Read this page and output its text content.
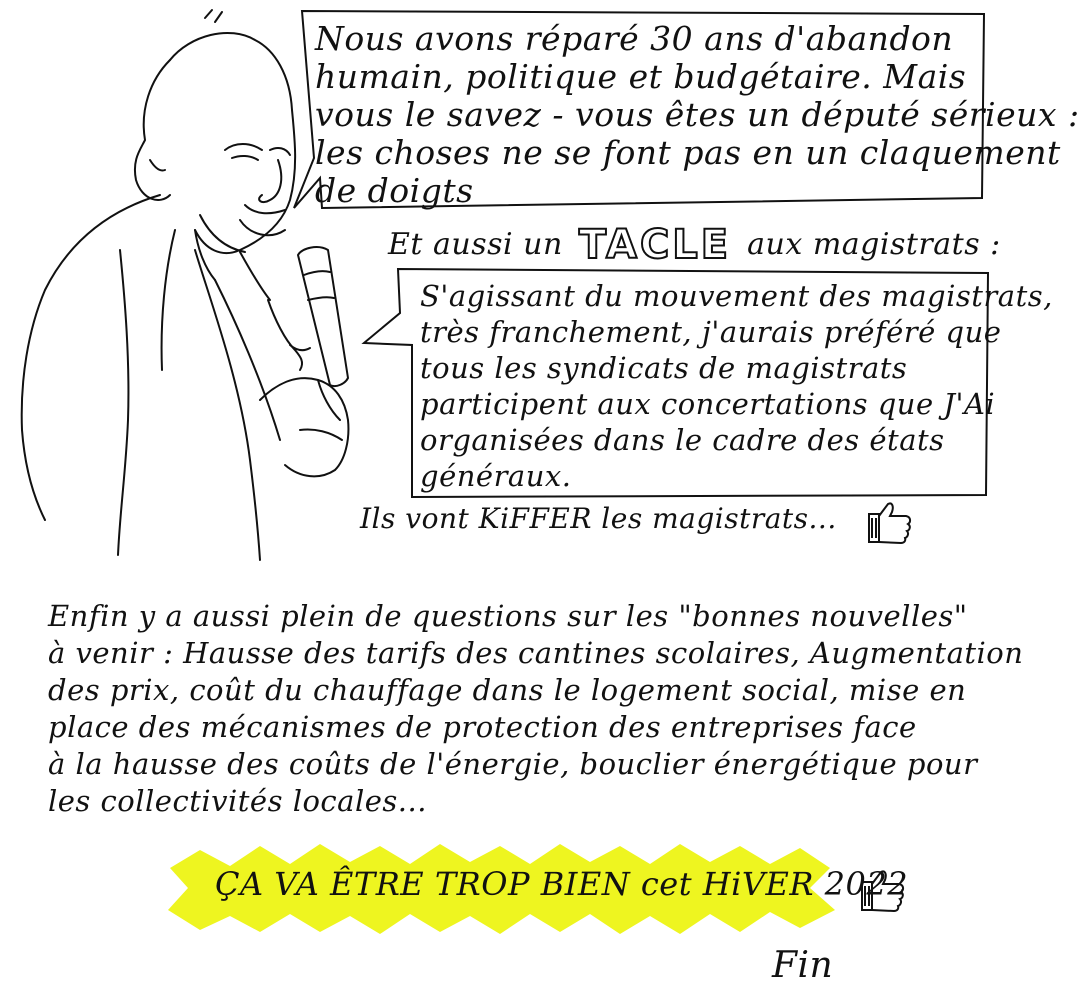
Nous avons réparé 30 ans d'abandon
humain, politique et budgétaire. Mais
vous le savez - vous êtes un député sérieux :
les choses ne se font pas en un claquement
de doigts
Et aussi un TACLE aux magistrats :
S'agissant du mouvement des magistrats,
très franchement, j'aurais préféré que
tous les syndicats de magistrats
participent aux concertations que J'Ai
organisées dans le cadre des états
généraux.
Ils vont KiFFER les magistrats...
Enfin y a aussi plein de questions sur les "bonnes nouvelles"
à venir : Hausse des tarifs des cantines scolaires, Augmentation
des prix, coût du chauffage dans le logement social, mise en
place des mécanismes de protection des entreprises face
à la hausse des coûts de l'énergie, bouclier énergétique pour
les collectivités locales...
ÇA VA ÊTRE TROP BIEN cet HiVER 2022
Fin
